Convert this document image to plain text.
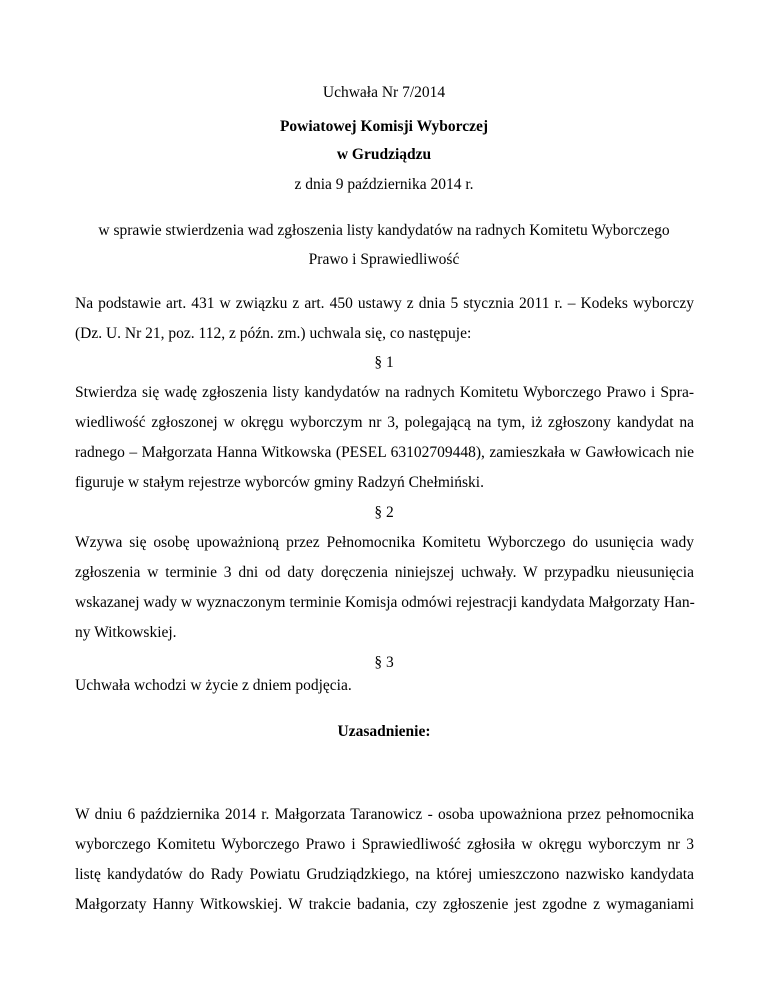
Uchwała Nr 7/2014
Powiatowej Komisji Wyborczej
w Grudziądzu
z dnia 9 października 2014 r.
w sprawie stwierdzenia wad zgłoszenia listy kandydatów na radnych Komitetu Wyborczego
Prawo i Sprawiedliwość
Na podstawie art. 431 w związku z art. 450 ustawy z dnia 5 stycznia 2011 r. – Kodeks wyborczy
(Dz. U. Nr 21, poz. 112, z późn. zm.) uchwala się, co następuje:
§ 1
Stwierdza się wadę zgłoszenia listy kandydatów na radnych Komitetu Wyborczego Prawo i Spra-
wiedliwość zgłoszonej w okręgu wyborczym nr 3, polegającą na tym, iż zgłoszony kandydat na
radnego – Małgorzata Hanna Witkowska (PESEL 63102709448), zamieszkała w Gawłowicach nie
figuruje w stałym rejestrze wyborców gminy Radzyń Chełmiński.
§ 2
Wzywa się osobę upoważnioną przez Pełnomocnika Komitetu Wyborczego do usunięcia wady
zgłoszenia w terminie 3 dni od daty doręczenia niniejszej uchwały. W przypadku nieusunięcia
wskazanej wady w wyznaczonym terminie Komisja odmówi rejestracji kandydata Małgorzaty Han-
ny Witkowskiej.
§ 3
Uchwała wchodzi w życie z dniem podjęcia.
Uzasadnienie:
W dniu 6 października 2014 r. Małgorzata Taranowicz - osoba upoważniona przez pełnomocnika
wyborczego Komitetu Wyborczego Prawo i Sprawiedliwość zgłosiła w okręgu wyborczym nr 3
listę kandydatów do Rady Powiatu Grudziądzkiego, na której umieszczono nazwisko kandydata
Małgorzaty Hanny Witkowskiej. W trakcie badania, czy zgłoszenie jest zgodne z wymaganiami
